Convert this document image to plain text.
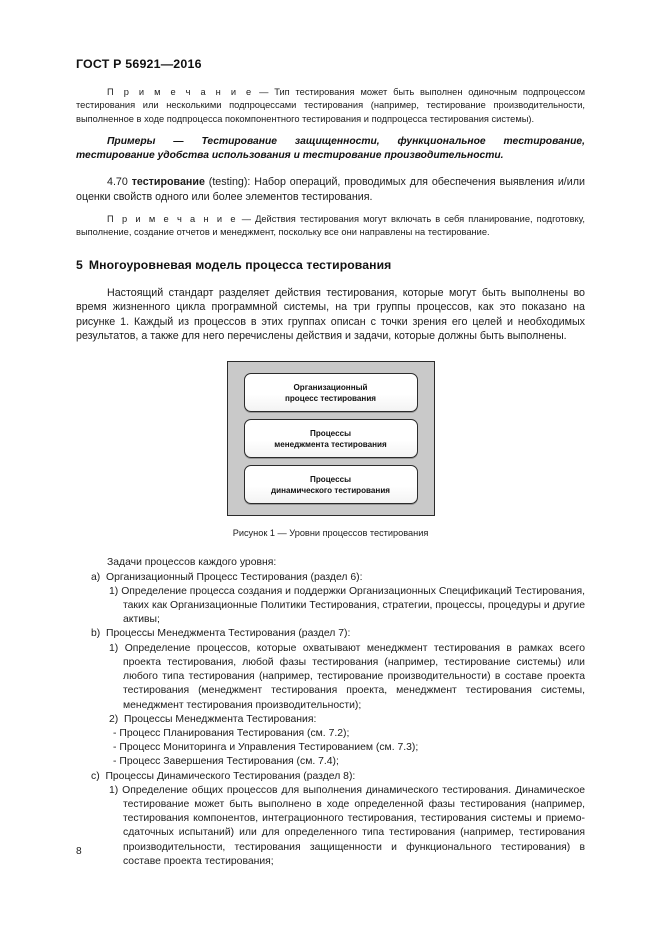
ГОСТ Р 56921—2016

П р и м е ч а н и е — Тип тестирования может быть выполнен одиночным подпроцессом тестирования или несколькими подпроцессами тестирования (например, тестирование производительности, выполненное в ходе подпроцесса покомпонентного тестирования и подпроцесса тестирования системы).

Примеры — Тестирование защищенности, функциональное тестирование, тестирование удобства использования и тестирование производительности.

4.70 тестирование (testing): Набор операций, проводимых для обеспечения выявления и/или оценки свойств одного или более элементов тестирования.

П р и м е ч а н и е — Действия тестирования могут включать в себя планирование, подготовку, выполнение, создание отчетов и менеджмент, поскольку все они направлены на тестирование.

5 Многоуровневая модель процесса тестирования

Настоящий стандарт разделяет действия тестирования, которые могут быть выполнены во время жизненного цикла программной системы, на три группы процессов, как это показано на рисунке 1. Каждый из процессов в этих группах описан с точки зрения его целей и необходимых результатов, а также для него перечислены действия и задачи, которые должны быть выполнены.

Организационный
процесс тестирования
Процессы
менеджмента тестирования
Процессы
динамического тестирования

Рисунок 1 — Уровни процессов тестирования

Задачи процессов каждого уровня:

a) Организационный Процесс Тестирования (раздел 6):

1) Определение процесса создания и поддержки Организационных Спецификаций Тестирования, таких как Организационные Политики Тестирования, стратегии, процессы, процедуры и другие активы;

b) Процессы Менеджмента Тестирования (раздел 7):

1) Определение процессов, которые охватывают менеджмент тестирования в рамках всего проекта тестирования, любой фазы тестирования (например, тестирование системы) или любого типа тестирования (например, тестирование производительности) в составе проекта тестирования (менеджмент тестирования проекта, менеджмент тестирования системы, менеджмент тестирования производительности);

2) Процессы Менеджмента Тестирования:

- Процесс Планирования Тестирования (см. 7.2);

- Процесс Мониторинга и Управления Тестированием (см. 7.3);

- Процесс Завершения Тестирования (см. 7.4);

c) Процессы Динамического Тестирования (раздел 8):

1) Определение общих процессов для выполнения динамического тестирования. Динамическое тестирование может быть выполнено в ходе определенной фазы тестирования (например, тестирования компонентов, интеграционного тестирования, тестирования системы и приемо-сдаточных испытаний) или для определенного типа тестирования (например, тестирования производительности, тестирования защищенности и функционального тестирования) в составе проекта тестирования;

8
